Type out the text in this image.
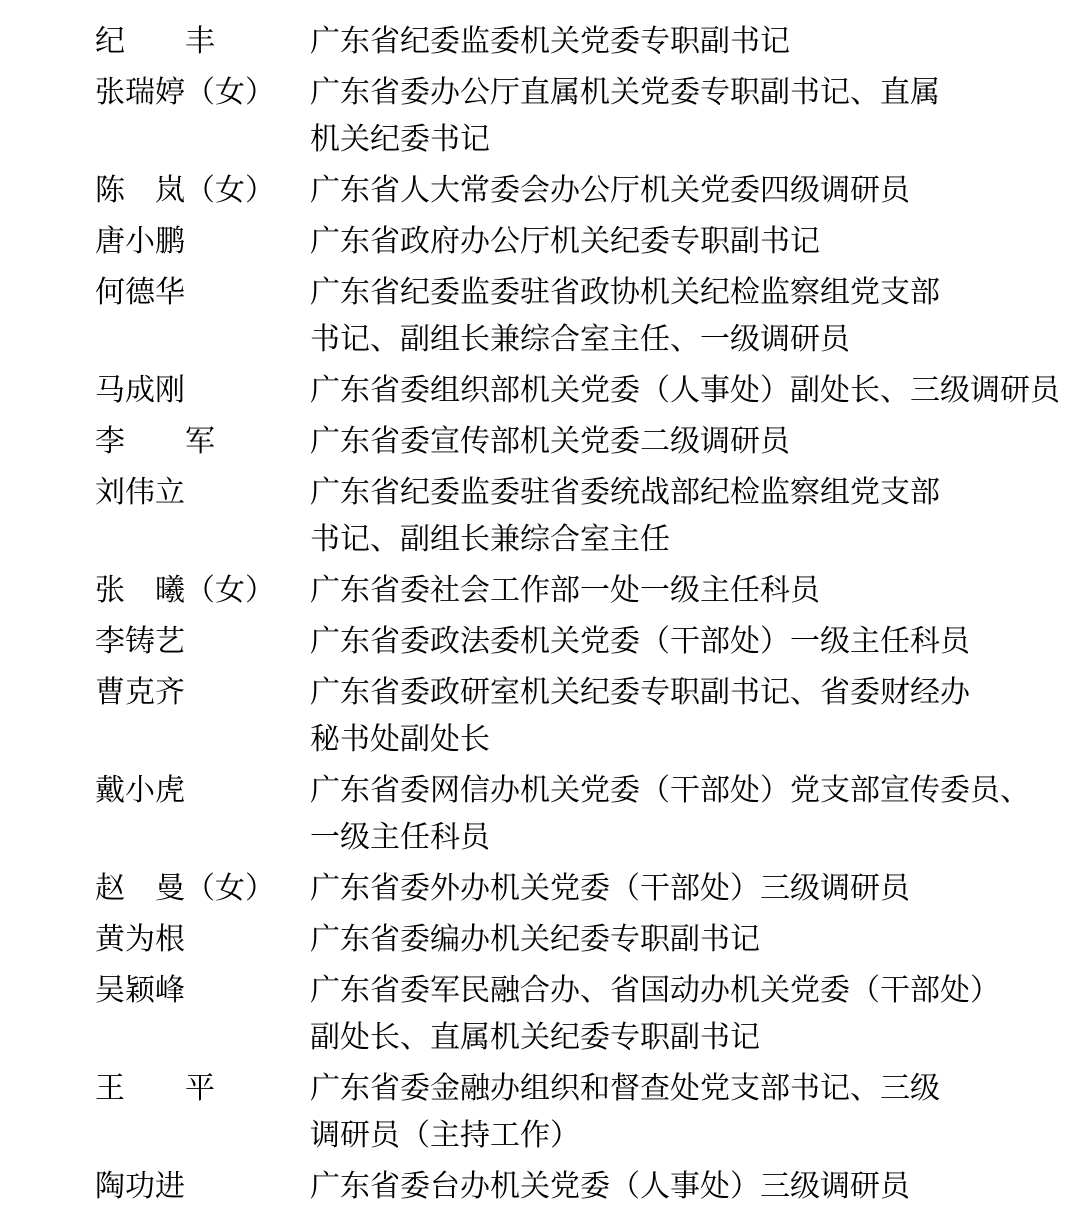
纪　　丰	广东省纪委监委机关党委专职副书记
张瑞婷（女）	广东省委办公厅直属机关党委专职副书记、直属
机关纪委书记
陈　岚（女）	广东省人大常委会办公厅机关党委四级调研员
唐小鹏	广东省政府办公厅机关纪委专职副书记
何德华	广东省纪委监委驻省政协机关纪检监察组党支部
书记、副组长兼综合室主任、一级调研员
马成刚	广东省委组织部机关党委（人事处）副处长、三级调研员
李　　军	广东省委宣传部机关党委二级调研员
刘伟立	广东省纪委监委驻省委统战部纪检监察组党支部
书记、副组长兼综合室主任
张　曦（女）	广东省委社会工作部一处一级主任科员
李铸艺	广东省委政法委机关党委（干部处）一级主任科员
曹克齐	广东省委政研室机关纪委专职副书记、省委财经办
秘书处副处长
戴小虎	广东省委网信办机关党委（干部处）党支部宣传委员、
一级主任科员
赵　曼（女）	广东省委外办机关党委（干部处）三级调研员
黄为根	广东省委编办机关纪委专职副书记
吴颖峰	广东省委军民融合办、省国动办机关党委（干部处）
副处长、直属机关纪委专职副书记
王　　平	广东省委金融办组织和督查处党支部书记、三级
调研员（主持工作）
陶功进	广东省委台办机关党委（人事处）三级调研员
